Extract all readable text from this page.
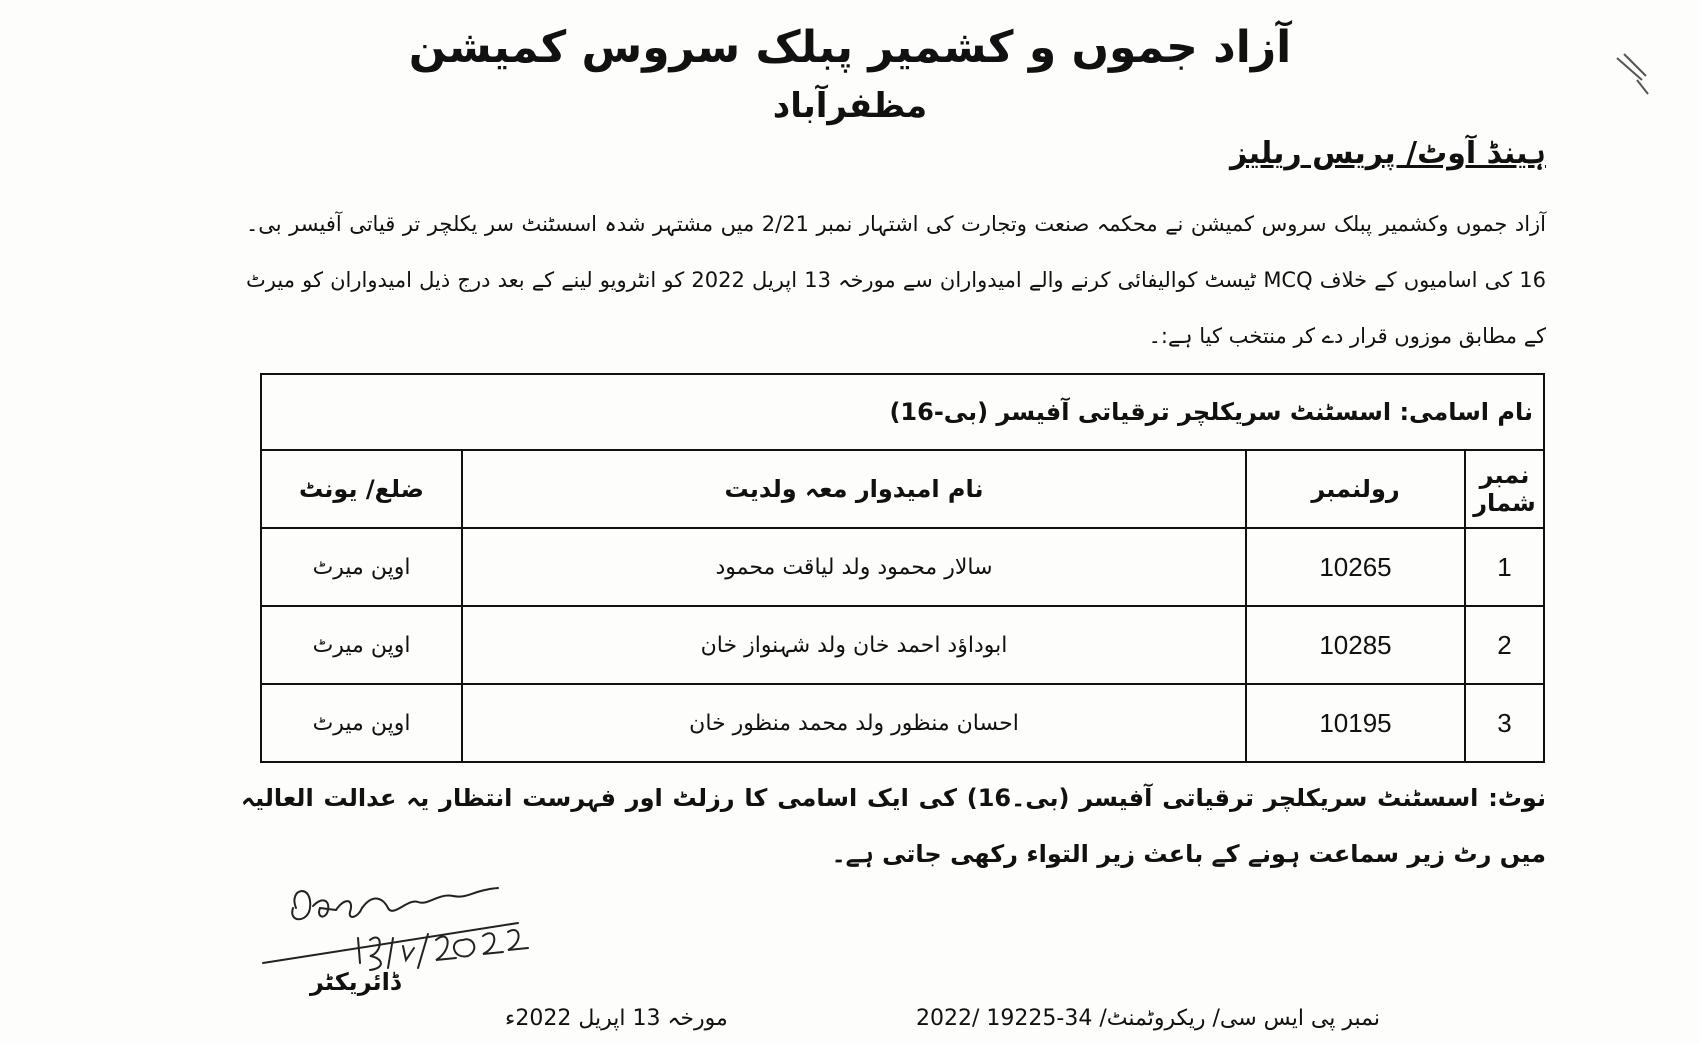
آزاد جموں و کشمیر پبلک سروس کمیشن
مظفرآباد
ہینڈ آوٹ/ پریس ریلیز
آزاد جموں وکشمیر پبلک سروس کمیشن نے محکمہ صنعت وتجارت کی اشتہار نمبر 2/21 میں مشتہر شدہ اسسٹنٹ سر یکلچر تر قیاتی آفیسر بی۔16 کی اسامیوں کے خلاف MCQ ٹیسٹ کوالیفائی کرنے والے امیدواران سے مورخہ 13 اپریل 2022 کو انٹرویو لینے کے بعد درج ذیل امیدواران کو میرٹ کے مطابق موزوں قرار دے کر منتخب کیا ہے:۔
نام اسامی: اسسٹنٹ سریکلچر ترقیاتی آفیسر (بی-16)			
نمبر شمار	رولنمبر	نام امیدوار معہ ولدیت	ضلع/ یونٹ
1	10265	سالار محمود ولد لیاقت محمود	اوپن میرٹ
2	10285	ابوداؤد احمد خان ولد شہنواز خان	اوپن میرٹ
3	10195	احسان منظور ولد محمد منظور خان	اوپن میرٹ
نوٹ: اسسٹنٹ سریکلچر ترقیاتی آفیسر (بی۔16) کی ایک اسامی کا رزلٹ اور فہرست انتظار یہ عدالت العالیہ میں رٹ زیر سماعت ہونے کے باعث زیر التواء رکھی جاتی ہے۔
ڈائریکٹر
نمبر پی ایس سی/ ریکروٹمنٹ/ 34-19225 /2022
مورخہ 13 اپریل 2022ء
